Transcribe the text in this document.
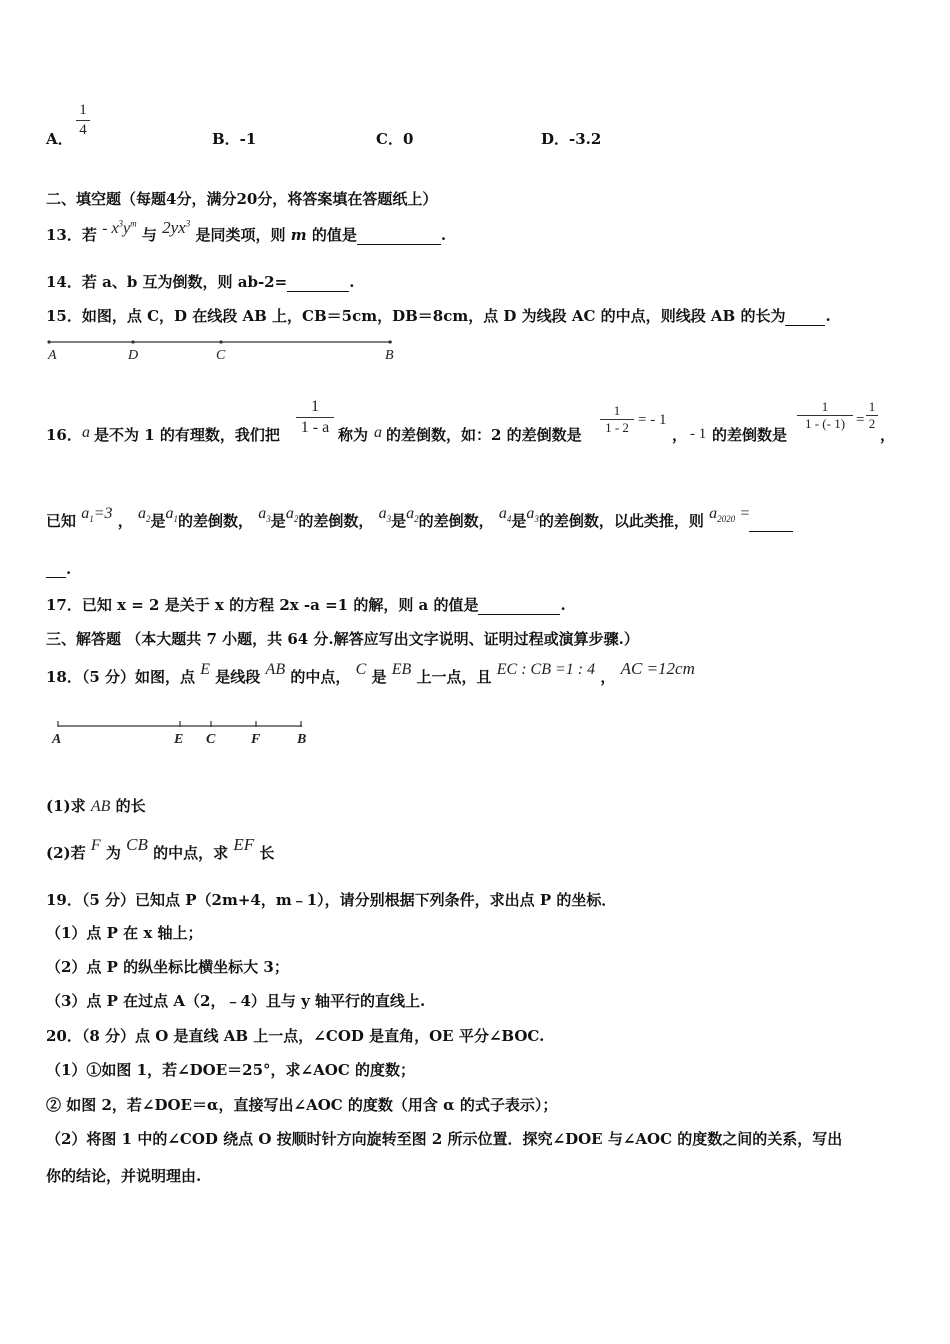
A．
1
4
B．-1	C．0	D．-3.2
二、填空题（每题4分，满分20分，将答案填在答题纸上）
13．若 - $x^3y^m$ 与 $2yx^3$ 是同类项，则 m 的值是	.
14．若 a、b 互为倒数，则 ab-2=	.
15．如图，点 C，D 在线段 AB 上，CB＝5cm，DB＝8cm，点 D 为线段 AC 的中点，则线段 AB 的长为	.
A	D	C	B
16． a 是不为 1 的有理数，我们把
1
1 - a 称为 a 的差倒数，如：2 的差倒数是
1
1 - 2 = - 1
， - 1 的差倒数是
1
1 - (- 1) =
1
2
，
已知 $a_1=3$ ， $a_2$是$a_1$的差倒数， $a_3$是$a_2$的差倒数， $a_3$是$a_2$的差倒数， $a_4$是$a_3$的差倒数，以此类推，则 $a_{2020}$ =
.
17．已知 x = 2 是关于 x 的方程 2x -a =1 的解，则 a 的值是	.
三、解答题 （本大题共 7 小题，共 64 分.解答应写出文字说明、证明过程或演算步骤.）
18．（5 分）如图，点 E 是线段 AB 的中点， C 是 EB 上一点，且 EC : CB =1 : 4 ， AC =12cm
A	E C	F	B
(1)求 AB 的长
(2)若 F 为 CB 的中点，求 EF 长
19．（5 分）已知点 P（2m+4，m﹣1），请分别根据下列条件，求出点 P 的坐标．
（1）点 P 在 x 轴上；
（2）点 P 的纵坐标比横坐标大 3；
（3）点 P 在过点 A（2，﹣4）且与 y 轴平行的直线上.
20．（8 分）点 O 是直线 AB 上一点，∠COD 是直角，OE 平分∠BOC.
（1）①如图 1，若∠DOE＝25°，求∠AOC 的度数；
② 如图 2，若∠DOE＝α，直接写出∠AOC 的度数（用含 α 的式子表示）；
（2）将图 1 中的∠COD 绕点 O 按顺时针方向旋转至图 2 所示位置．探究∠DOE 与∠AOC 的度数之间的关系，写出
你的结论，并说明理由.
